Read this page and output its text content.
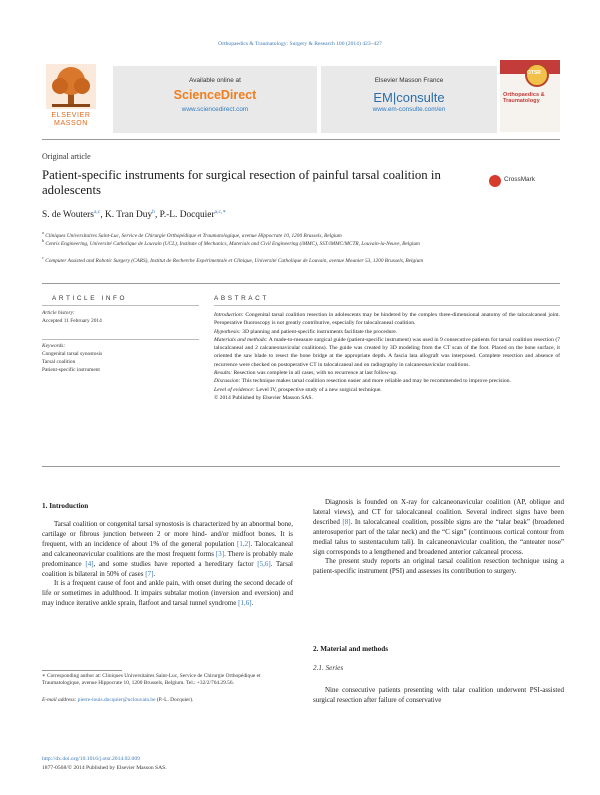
Orthopaedics & Traumatology: Surgery & Research 100 (2014) 423–427
ELSEVIER
MASSON
Available online at
ScienceDirect
www.sciencedirect.com
Elsevier Masson France
EM|consulte
www.em-consulte.com/en
OTSR
Orthopaedics & Traumatology
Original article
Patient-specific instruments for surgical resection of painful tarsal coalition in adolescents
CrossMark
S. de Wouters$^{a,c}$, K. Tran Duy$^b$, P.-L. Docquier$^{a,c,∗}$
$^a$ Cliniques Universitaires Saint-Luc, Service de Chirurgie Orthopédique et Traumatologique, avenue Hippocrate 10, 1200 Brussels, Belgium
$^b$ Cenris Engineering, Université Catholique de Louvain (UCL), Institute of Mechanics, Materials and Civil Engineering (iMMC), SST/iMMC/MCTR, Louvain-la-Neuve, Belgium
$^c$ Computer Assisted and Robotic Surgery (CARS), Institut de Recherche Expérimentale et Clinique, Université Catholique de Louvain, avenue Mounier 53, 1200 Brussels, Belgium
ARTICLE INFO
Article history:
Accepted 11 February 2014
Keywords:
Congenital tarsal synostosis
Tarsal coalition
Patient-specific instrument
ABSTRACT

Introduction: Congenital tarsal coalition resection in adolescents may be hindered by the complex three-dimensional anatomy of the talocalcaneal joint. Peroperative fluoroscopy is not greatly contributive, especially for talocalcaneal coalition.

Hypothesis: 3D planning and patient-specific instruments facilitate the procedure.

Materials and methods: A made-to-measure surgical guide (patient-specific instrument) was used in 9 consecutive patients for tarsal coalition resection (7 talocalcaneal and 2 calcaneonavicular coalitions). The guide was created by 3D modeling from the CT scan of the foot. Placed on the bone surface, it oriented the saw blade to resect the bone bridge at the appropriate depth. A fascia lata allograft was interposed. Complete resection and absence of recurrence were checked on postoperative CT in talocalcaneal and on radiography in calcaneonavicular coalitions.

Results: Resection was complete in all cases, with no recurrence at last follow-up.

Discussion: This technique makes tarsal coalition resection easier and more reliable and may be recommended to improve precision.

Level of evidence: Level IV, prospective study of a new surgical technique.

© 2014 Published by Elsevier Masson SAS.

1. Introduction

Tarsal coalition or congenital tarsal synostosis is characterized by an abnormal bone, cartilage or fibrous junction between 2 or more hind- and/or midfoot bones. It is frequent, with an incidence of about 1% of the general population [1,2]. Talocalcaneal and calcaneonavicular coalitions are the most frequent forms [3]. There is probably male predominance [4], and some studies have reported a hereditary factor [5,6]. Tarsal coalition is bilateral in 50% of cases [7].

It is a frequent cause of foot and ankle pain, with onset during the second decade of life or sometimes in adulthood. It impairs subtalar motion (inversion and eversion) and may induce iterative ankle sprain, flatfoot and tarsal tunnel syndrome [1,6].

∗ Corresponding author at: Cliniques Universitaires Saint-Luc, Service de Chirurgie Orthopédique et Traumatologique, avenue Hippocrate 10, 1200 Brussels, Belgium. Tel.: +32/2/764.29.56.
E-mail address: pierre-louis.docquier@uclouvain.be (P.-L. Docquier).
http://dx.doi.org/10.1016/j.otsr.2014.02.009
1877-0568/© 2014 Published by Elsevier Masson SAS.

Diagnosis is founded on X-ray for calcaneonavicular coalition (AP, oblique and lateral views), and CT for talocalcaneal coalition. Several indirect signs have been described [8]. In talocalcaneal coalition, possible signs are the “talar beak” (broadened anterosuperior part of the talar neck) and the “C sign” (continuous cortical contour from medial talus to sustentaculum tali). In calcaneonavicular coalition, the “anteater nose” sign corresponds to a lengthened and broadened anterior calcaneal process.

The present study reports an original tarsal coalition resection technique using a patient-specific instrument (PSI) and assesses its contribution to surgery.

2. Material and methods
2.1. Series

Nine consecutive patients presenting with talar coalition underwent PSI-assisted surgical resection after failure of conservative
